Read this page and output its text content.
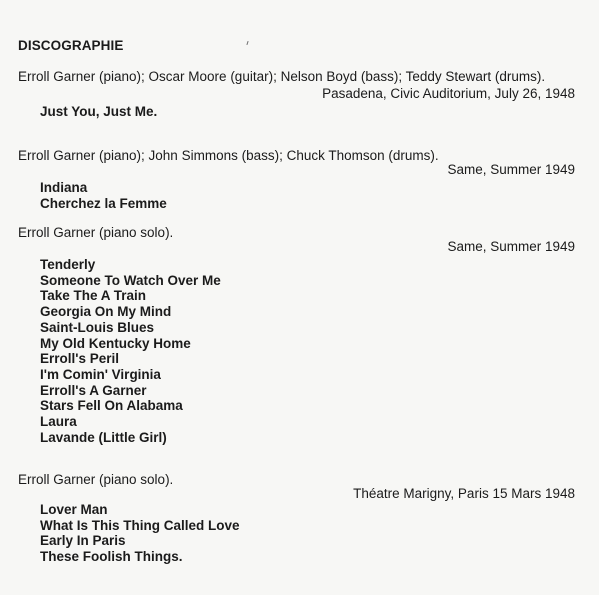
DISCOGRAPHIE
Erroll Garner (piano); Oscar Moore (guitar); Nelson Boyd (bass); Teddy Stewart (drums).
Pasadena, Civic Auditorium, July 26, 1948
Just You, Just Me.
Erroll Garner (piano); John Simmons (bass); Chuck Thomson (drums).
Same, Summer 1949
Indiana
Cherchez la Femme
Erroll Garner (piano solo).
Same, Summer 1949
Tenderly
Someone To Watch Over Me
Take The A Train
Georgia On My Mind
Saint-Louis Blues
My Old Kentucky Home
Erroll's Peril
I'm Comin' Virginia
Erroll's A Garner
Stars Fell On Alabama
Laura
Lavande (Little Girl)
Erroll Garner (piano solo).
Théatre Marigny, Paris 15 Mars 1948
Lover Man
What Is This Thing Called Love
Early In Paris
These Foolish Things.
